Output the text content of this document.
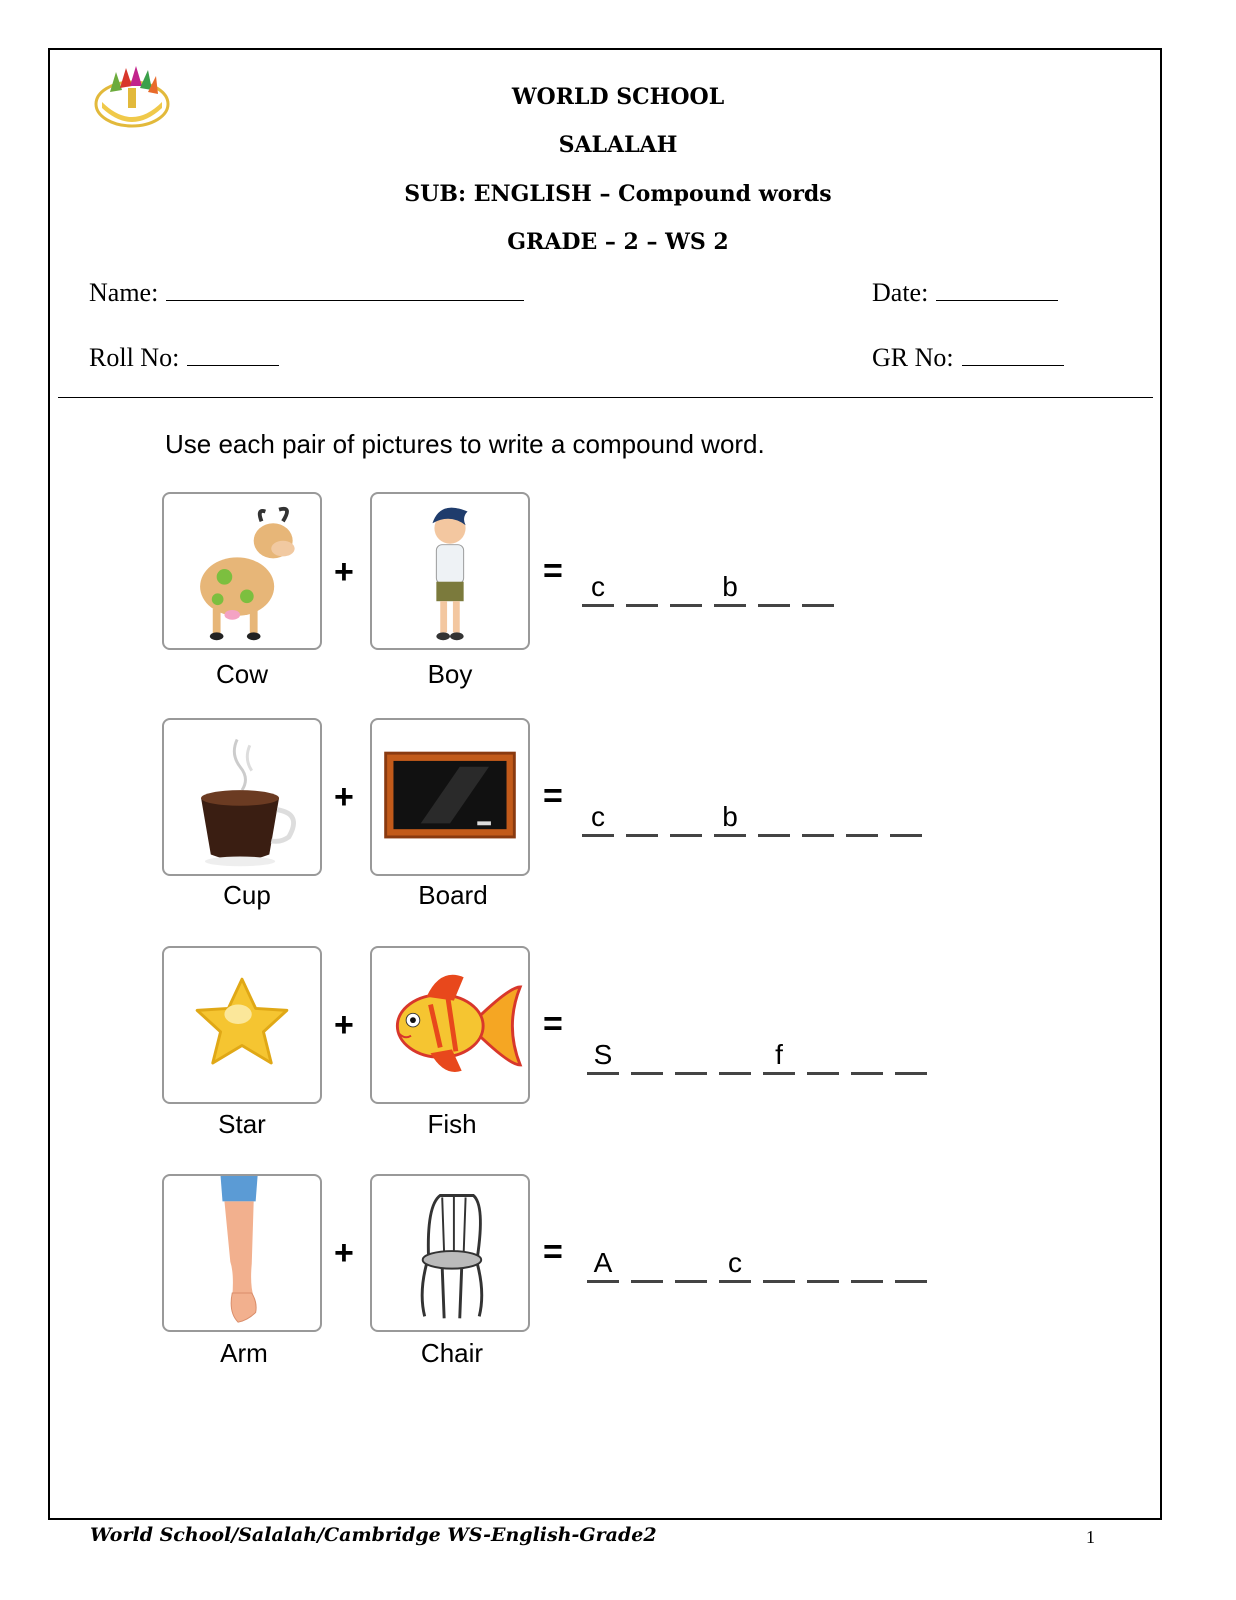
WORLD SCHOOL
SALALAH
SUB: ENGLISH – Compound words
GRADE – 2 – WS 2
Name:	Date:
Roll No:	GR No:
Use each pair of pictures to write a compound word.
Cow
+
Boy
=	c	b
Cup
+
Board
=
c	b
Star
+
Fish
=
S	f
Arm
+
Chair
= A	c
World School/Salalah/Cambridge WS-English-Grade2	1
